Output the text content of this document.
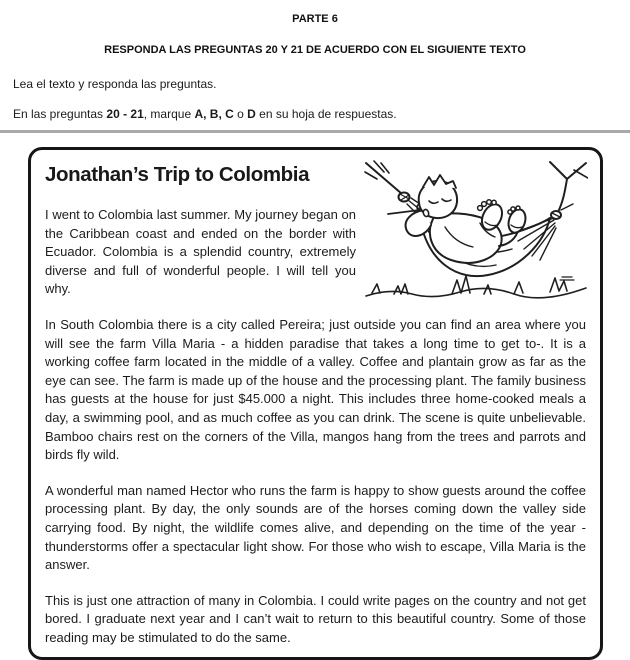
PARTE 6
RESPONDA LAS PREGUNTAS 20 Y 21 DE ACUERDO CON EL SIGUIENTE TEXTO

Lea el texto y responda las preguntas.

En las preguntas 20 - 21, marque A, B, C o D en su hoja de respuestas.

Jonathan’s Trip to Colombia

I went to Colombia last summer. My journey began on the Caribbean coast and ended on the border with Ecuador. Colombia is a splendid country, extremely diverse and full of wonderful people. I will tell you why.

In South Colombia there is a city called Pereira; just outside you can find an area where you will see the farm Villa Maria - a hidden paradise that takes a long time to get to-. It is a working coffee farm located in the middle of a valley. Coffee and plantain grow as far as the eye can see. The farm is made up of the house and the processing plant. The family business has guests at the house for just $45.000 a night. This includes three home-cooked meals a day, a swimming pool, and as much coffee as you can drink. The scene is quite unbelievable. Bamboo chairs rest on the corners of the Villa, mangos hang from the trees and parrots and birds fly wild.

A wonderful man named Hector who runs the farm is happy to show guests around the coffee processing plant. By day, the only sounds are of the horses coming down the valley side carrying food. By night, the wildlife comes alive, and depending on the time of the year - thunderstorms offer a spectacular light show. For those who wish to escape, Villa Maria is the answer.

This is just one attraction of many in Colombia. I could write pages on the country and not get bored. I graduate next year and I can’t wait to return to this beautiful country. Some of those reading may be stimulated to do the same.
